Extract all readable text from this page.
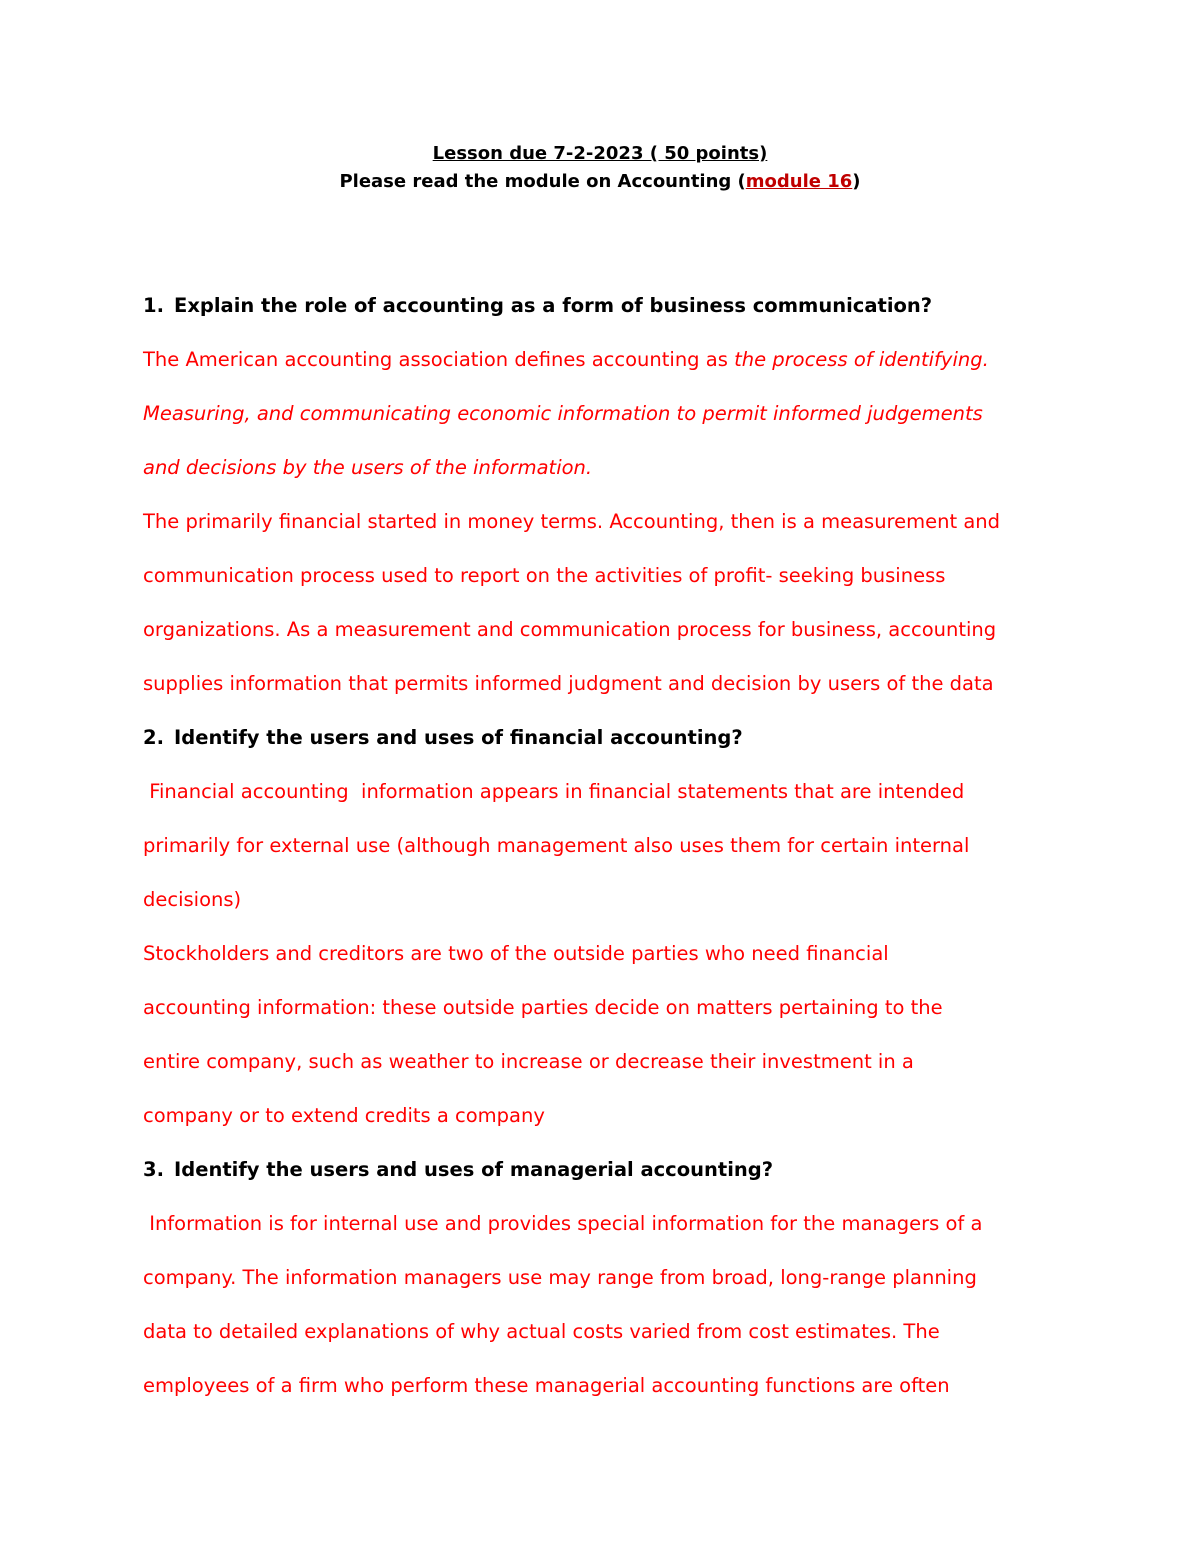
Lesson due 7-2-2023 ( 50 points)
Please read the module on Accounting (module 16)
1. Explain the role of accounting as a form of business communication?
The American accounting association defines accounting as the process of identifying.
Measuring, and communicating economic information to permit informed judgements
and decisions by the users of the information.
The primarily financial started in money terms. Accounting, then is a measurement and
communication process used to report on the activities of profit- seeking business
organizations. As a measurement and communication process for business, accounting
supplies information that permits informed judgment and decision by users of the data
2. Identify the users and uses of financial accounting?
Financial accounting  information appears in financial statements that are intended
primarily for external use (although management also uses them for certain internal
decisions)
Stockholders and creditors are two of the outside parties who need financial
accounting information: these outside parties decide on matters pertaining to the
entire company, such as weather to increase or decrease their investment in a
company or to extend credits a company
3. Identify the users and uses of managerial accounting?
Information is for internal use and provides special information for the managers of a
company. The information managers use may range from broad, long-range planning
data to detailed explanations of why actual costs varied from cost estimates. The
employees of a firm who perform these managerial accounting functions are often
